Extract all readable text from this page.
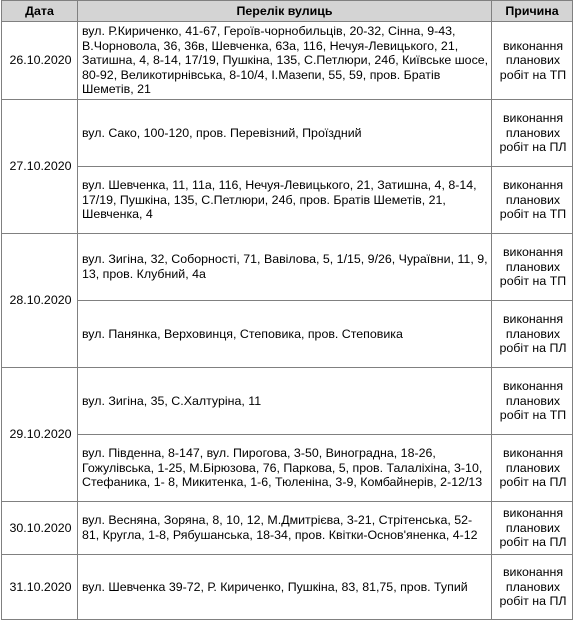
Дата	Перелік вулиць	Причина
26.10.2020	вул. Р.Кириченко, 41-67, Героїв-чорнобильців, 20-32, Сінна, 9-43, В.Чорновола, 36, 36в, Шевченка, 63а, 116, Нечуя-Левицького, 21, Затишна, 4, 8-14, 17/19, Пушкіна, 135, С.Петлюри, 24б, Київське шосе, 80-92, Великотирнівська, 8-10/4, І.Мазепи, 55, 59, пров. Братів Шеметів, 21	виконання планових робіт на ТП
27.10.2020	вул. Сако, 100-120, пров. Перевізний, Проїздний	виконання планових робіт на ПЛ
	вул. Шевченка, 11, 11а, 116, Нечуя-Левицького, 21, Затишна, 4, 8-14, 17/19, Пушкіна, 135, С.Петлюри, 24б, пров. Братів Шеметів, 21, Шевченка, 4	виконання планових робіт на ТП
28.10.2020	вул. Зигіна, 32, Соборності, 71, Вавілова, 5, 1/15, 9/26, Чураївни, 11, 9, 13, пров. Клубний, 4а	виконання планових робіт на ТП
	вул. Панянка, Верховинця, Степовика, пров. Степовика	виконання планових робіт на ПЛ
29.10.2020	вул. Зигіна, 35, С.Халтуріна, 11	виконання планових робіт на ТП
	вул. Південна, 8-147, вул. Пирогова, 3-50, Виноградна, 18-26, Гожулівська, 1-25, М.Бірюзова, 76, Паркова, 5, пров. Талаліхіна, 3-10, Стефаника, 1- 8, Микитенка, 1-6, Тюленіна, 3-9, Комбайнерів, 2-12/13	виконання планових робіт на ПЛ
30.10.2020	вул. Весняна, Зоряна, 8, 10, 12, М.Дмитрієва, 3-21, Стрітенська, 52-81, Кругла, 1-8, Рябушанська, 18-34, пров. Квітки-Основ'яненка, 4-12	виконання планових робіт на ПЛ
31.10.2020	вул. Шевченка 39-72, Р. Кириченко, Пушкіна, 83, 81,75, пров. Тупий	виконання планових робіт на ПЛ
